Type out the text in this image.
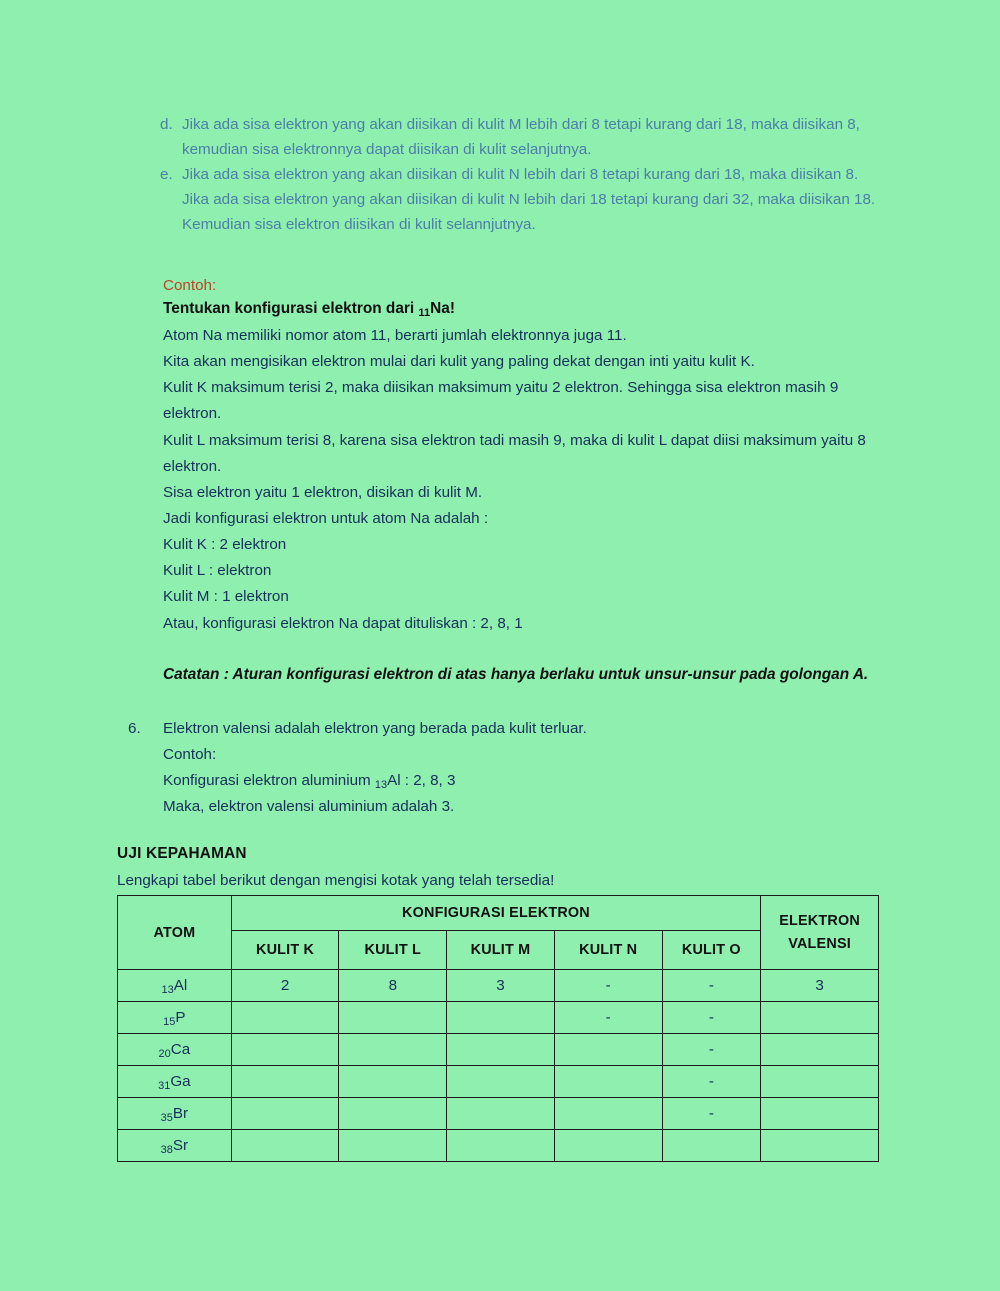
d. Jika ada sisa elektron yang akan diisikan di kulit M lebih dari 8 tetapi kurang dari 18, maka diisikan 8, kemudian sisa elektronnya dapat diisikan di kulit selanjutnya.
e. Jika ada sisa elektron yang akan diisikan di kulit N lebih dari 8 tetapi kurang dari 18, maka diisikan 8. Jika ada sisa elektron yang akan diisikan di kulit N lebih dari 18 tetapi kurang dari 32, maka diisikan 18. Kemudian sisa elektron diisikan di kulit selannjutnya.
Contoh:
Tentukan konfigurasi elektron dari 11Na!

Atom Na memiliki nomor atom 11, berarti jumlah elektronnya juga 11.

Kita akan mengisikan elektron mulai dari kulit yang paling dekat dengan inti yaitu kulit K.

Kulit K maksimum terisi 2, maka diisikan maksimum yaitu 2 elektron. Sehingga sisa elektron masih 9 elektron.

Kulit L maksimum terisi 8, karena sisa elektron tadi masih 9, maka di kulit L dapat diisi maksimum yaitu 8 elektron.

Sisa elektron yaitu 1 elektron, disikan di kulit M.

Jadi konfigurasi elektron untuk atom Na adalah :

Kulit K : 2 elektron

Kulit L : elektron

Kulit M : 1 elektron

Atau, konfigurasi elektron Na dapat dituliskan : 2, 8, 1

Catatan : Aturan konfigurasi elektron di atas hanya berlaku untuk unsur-unsur pada golongan A.
6.	Elektron valensi adalah elektron yang berada pada kulit terluar.

Contoh:

Konfigurasi elektron aluminium 13Al : 2, 8, 3

Maka, elektron valensi aluminium adalah 3.

UJI KEPAHAMAN
Lengkapi tabel berikut dengan mengisi kotak yang telah tersedia!
ATOM	KONFIGURASI ELEKTRON					ELEKTRON
VALENSI
	KULIT K	KULIT L	KULIT M	KULIT N	KULIT O	
$_{13}$Al	2	8	3	-	-	3
$_{15}$P				-	-	
$_{20}$Ca					-	
$_{31}$Ga					-	
$_{35}$Br					-	
$_{38}$Sr						
